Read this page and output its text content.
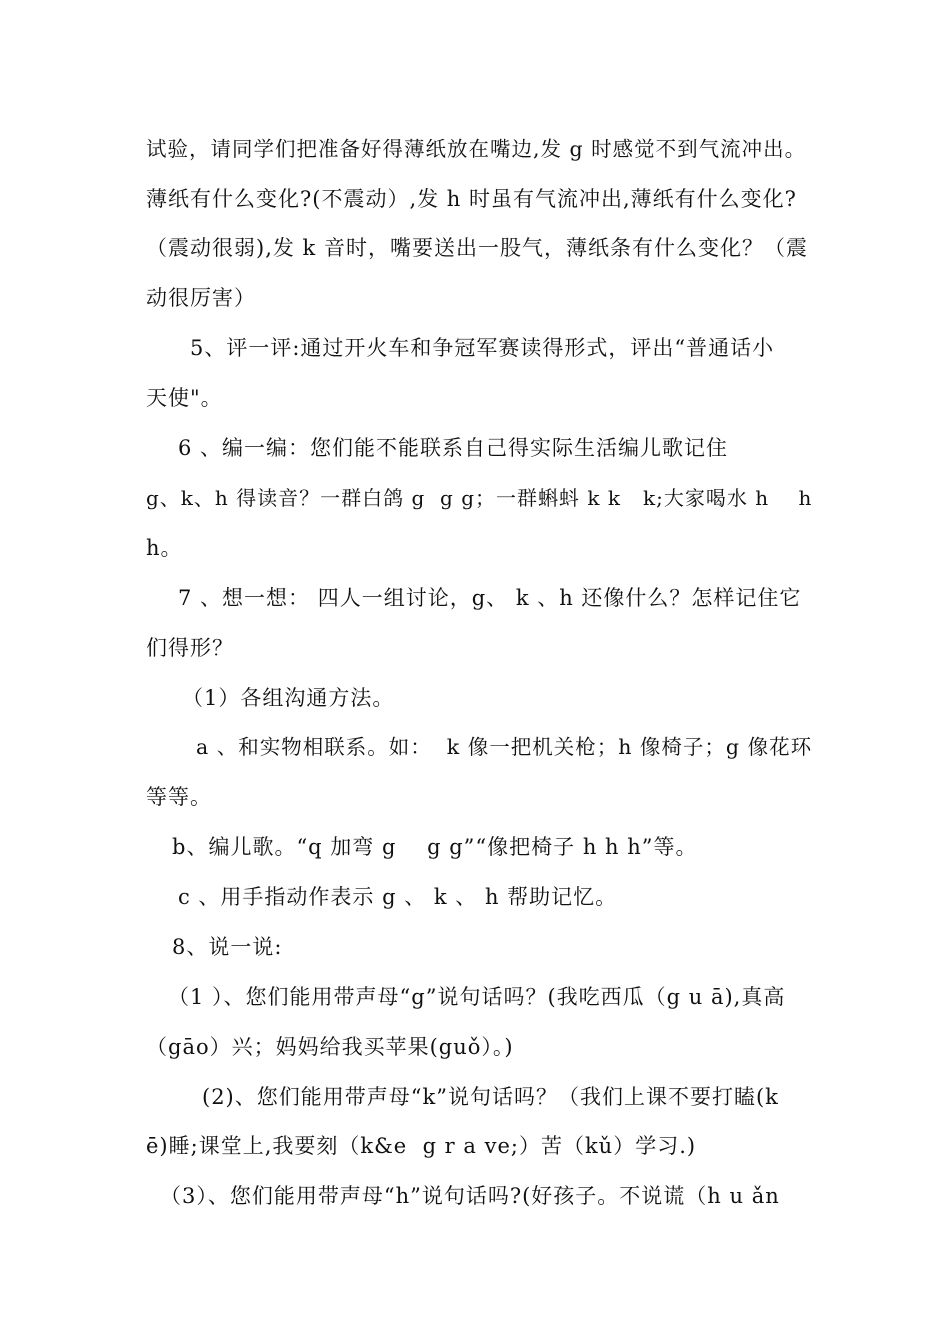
试验，请同学们把准备好得薄纸放在嘴边,发 g 时感觉不到气流冲出。
薄纸有什么变化?(不震动）,发 h 时虽有气流冲出,薄纸有什么变化?
（震动很弱),发 k 音时，嘴要送出一股气，薄纸条有什么变化？（震
动很厉害）
5、评一评:通过开火车和争冠军赛读得形式，评出“普通话小
天使"。
6 、编一编：您们能不能联系自己得实际生活编儿歌记住
g、k、h 得读音？一群白鸽 g  g g；一群蝌蚪 k k   k;大家喝水 h    h
h。
7 、想一想： 四人一组讨论，g、 k 、h 还像什么？怎样记住它
们得形？
（1）各组沟通方法。
a 、和实物相联系。如：  k 像一把机关枪；h 像椅子；g 像花环
等等。
b、编儿歌。“q 加弯 g    g g”“像把椅子 h h h”等。
c 、用手指动作表示 g 、 k 、 h 帮助记忆。
8、说一说:
（1 ）、您们能用带声母“g”说句话吗？(我吃西瓜（g u ā),真高
（gāo）兴；妈妈给我买苹果(guǒ）。)
(2)、您们能用带声母“k”说句话吗？（我们上课不要打瞌(k
ē)睡;课堂上,我要刻（k&e  g r a ve;）苦（kǔ）学习.)
（3）、您们能用带声母“h”说句话吗?(好孩子。不说谎（h u ǎn
